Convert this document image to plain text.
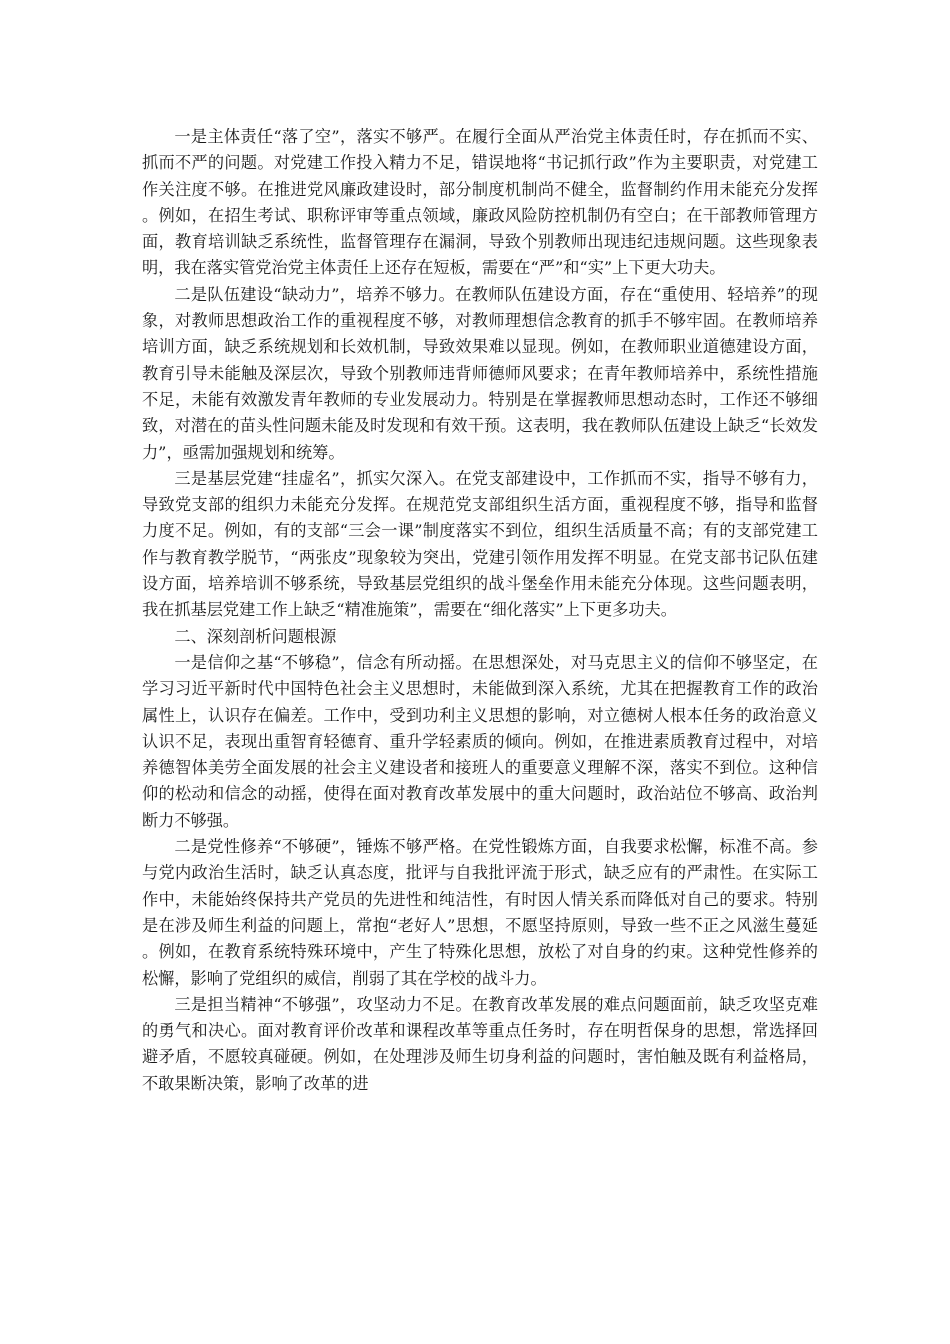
一是主体责任“落了空”，落实不够严。在履行全面从严治党主体责任时，存在抓而不实、抓而不严的问题。对党建工作投入精力不足，错误地将“书记抓行政”作为主要职责，对党建工作关注度不够。在推进党风廉政建设时，部分制度机制尚不健全，监督制约作用未能充分发挥。例如，在招生考试、职称评审等重点领域，廉政风险防控机制仍有空白；在干部教师管理方面，教育培训缺乏系统性，监督管理存在漏洞，导致个别教师出现违纪违规问题。这些现象表明，我在落实管党治党主体责任上还存在短板，需要在“严”和“实”上下更大功夫。

二是队伍建设“缺动力”，培养不够力。在教师队伍建设方面，存在“重使用、轻培养”的现象，对教师思想政治工作的重视程度不够，对教师理想信念教育的抓手不够牢固。在教师培养培训方面，缺乏系统规划和长效机制，导致效果难以显现。例如，在教师职业道德建设方面，教育引导未能触及深层次，导致个别教师违背师德师风要求；在青年教师培养中，系统性措施不足，未能有效激发青年教师的专业发展动力。特别是在掌握教师思想动态时，工作还不够细致，对潜在的苗头性问题未能及时发现和有效干预。这表明，我在教师队伍建设上缺乏“长效发力”，亟需加强规划和统筹。

三是基层党建“挂虚名”，抓实欠深入。在党支部建设中，工作抓而不实，指导不够有力，导致党支部的组织力未能充分发挥。在规范党支部组织生活方面，重视程度不够，指导和监督力度不足。例如，有的支部“三会一课”制度落实不到位，组织生活质量不高；有的支部党建工作与教育教学脱节，“两张皮”现象较为突出，党建引领作用发挥不明显。在党支部书记队伍建设方面，培养培训不够系统，导致基层党组织的战斗堡垒作用未能充分体现。这些问题表明，我在抓基层党建工作上缺乏“精准施策”，需要在“细化落实”上下更多功夫。

二、深刻剖析问题根源

一是信仰之基“不够稳”，信念有所动摇。在思想深处，对马克思主义的信仰不够坚定，在学习习近平新时代中国特色社会主义思想时，未能做到深入系统，尤其在把握教育工作的政治属性上，认识存在偏差。工作中，受到功利主义思想的影响，对立德树人根本任务的政治意义认识不足，表现出重智育轻德育、重升学轻素质的倾向。例如，在推进素质教育过程中，对培养德智体美劳全面发展的社会主义建设者和接班人的重要意义理解不深，落实不到位。这种信仰的松动和信念的动摇，使得在面对教育改革发展中的重大问题时，政治站位不够高、政治判断力不够强。

二是党性修养“不够硬”，锤炼不够严格。在党性锻炼方面，自我要求松懈，标准不高。参与党内政治生活时，缺乏认真态度，批评与自我批评流于形式，缺乏应有的严肃性。在实际工作中，未能始终保持共产党员的先进性和纯洁性，有时因人情关系而降低对自己的要求。特别是在涉及师生利益的问题上，常抱“老好人”思想，不愿坚持原则，导致一些不正之风滋生蔓延。例如，在教育系统特殊环境中，产生了特殊化思想，放松了对自身的约束。这种党性修养的松懈，影响了党组织的威信，削弱了其在学校的战斗力。

三是担当精神“不够强”，攻坚动力不足。在教育改革发展的难点问题面前，缺乏攻坚克难的勇气和决心。面对教育评价改革和课程改革等重点任务时，存在明哲保身的思想，常选择回避矛盾，不愿较真碰硬。例如，在处理涉及师生切身利益的问题时，害怕触及既有利益格局，不敢果断决策，影响了改革的进
